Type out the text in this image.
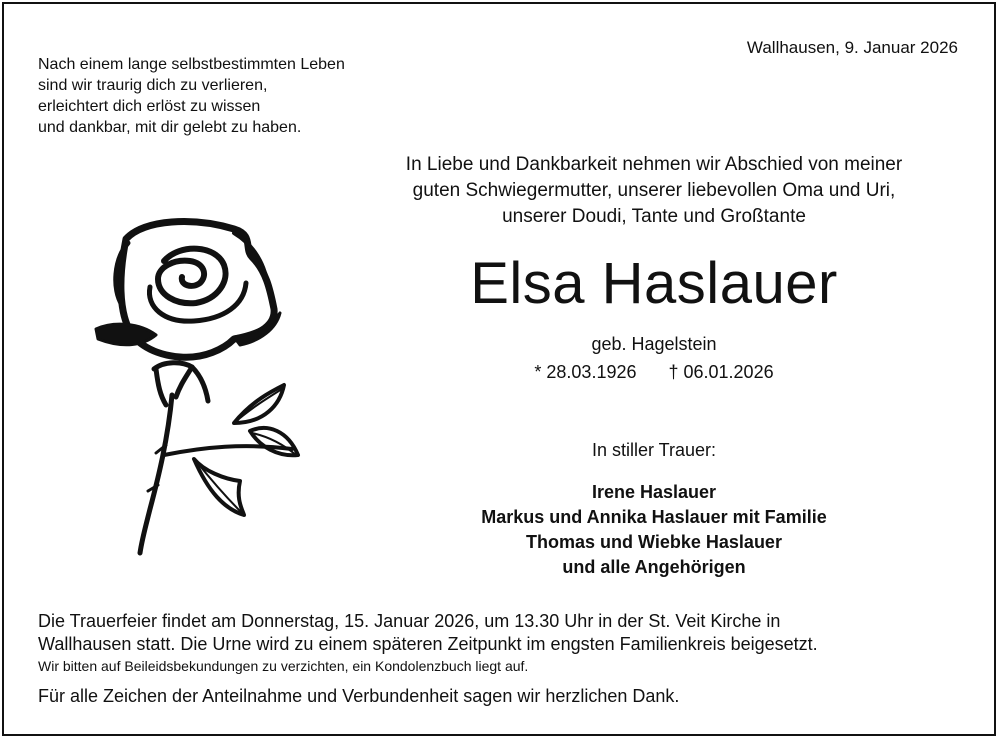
Wallhausen, 9. Januar 2026
Nach einem lange selbstbestimmten Leben
sind wir traurig dich zu verlieren,
erleichtert dich erlöst zu wissen
und dankbar, mit dir gelebt zu haben.
In Liebe und Dankbarkeit nehmen wir Abschied von meiner
guten Schwiegermutter, unserer liebevollen Oma und Uri,
unserer Doudi, Tante und Großtante
Elsa Haslauer
geb. Hagelstein
* 28.03.1926 † 06.01.2026
In stiller Trauer:
Irene Haslauer
Markus und Annika Haslauer mit Familie
Thomas und Wiebke Haslauer
und alle Angehörigen
Die Trauerfeier findet am Donnerstag, 15. Januar 2026, um 13.30 Uhr in der St. Veit Kirche in
Wallhausen statt. Die Urne wird zu einem späteren Zeitpunkt im engsten Familienkreis beigesetzt.
Wir bitten auf Beileidsbekundungen zu verzichten, ein Kondolenzbuch liegt auf.
Für alle Zeichen der Anteilnahme und Verbundenheit sagen wir herzlichen Dank.
